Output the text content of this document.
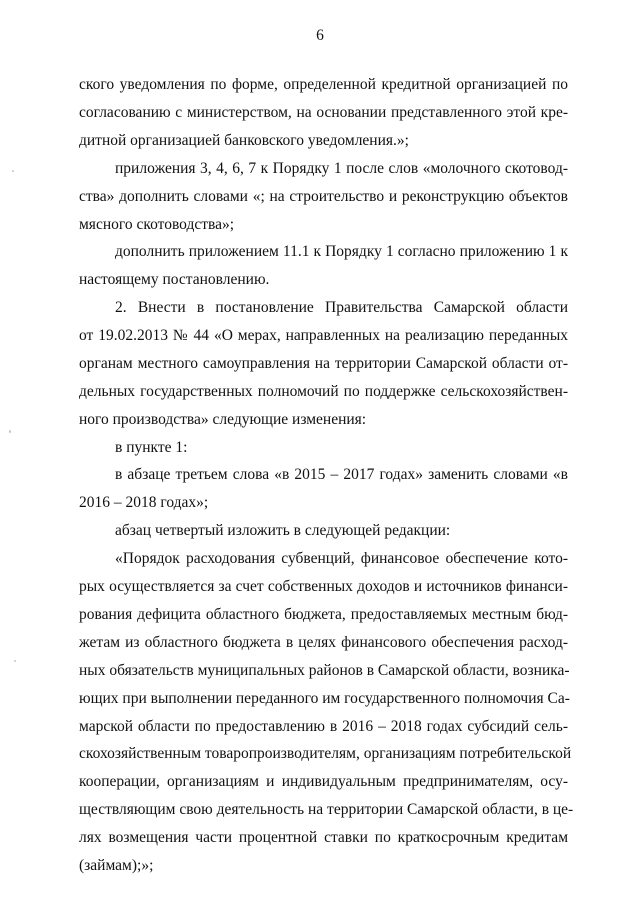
6
ского уведомления по форме, определенной кредитной организацией по
согласованию с министерством, на основании представленного этой кре-
дитной организацией банковского уведомления.»;
приложения 3, 4, 6, 7 к Порядку 1 после слов «молочного скотовод-
ства» дополнить словами «; на строительство и реконструкцию объектов
мясного скотоводства»;
дополнить приложением 11.1 к Порядку 1 согласно приложению 1 к
настоящему постановлению.
2. Внести в постановление Правительства Самарской области
от 19.02.2013 № 44 «О мерах, направленных на реализацию переданных
органам местного самоуправления на территории Самарской области от-
дельных государственных полномочий по поддержке сельскохозяйствен-
ного производства» следующие изменения:
в пункте 1:
в абзаце третьем слова «в 2015 – 2017 годах» заменить словами «в
2016 – 2018 годах»;
абзац четвертый изложить в следующей редакции:
«Порядок расходования субвенций, финансовое обеспечение кото-
рых осуществляется за счет собственных доходов и источников финанси-
рования дефицита областного бюджета, предоставляемых местным бюд-
жетам из областного бюджета в целях финансового обеспечения расход-
ных обязательств муниципальных районов в Самарской области, возника-
ющих при выполнении переданного им государственного полномочия Са-
марской области по предоставлению в 2016 – 2018 годах субсидий сель-
скохозяйственным товаропроизводителям, организациям потребительской
кооперации, организациям и индивидуальным предпринимателям, осу-
ществляющим свою деятельность на территории Самарской области, в це-
лях возмещения части процентной ставки по краткосрочным кредитам
(займам);»;
